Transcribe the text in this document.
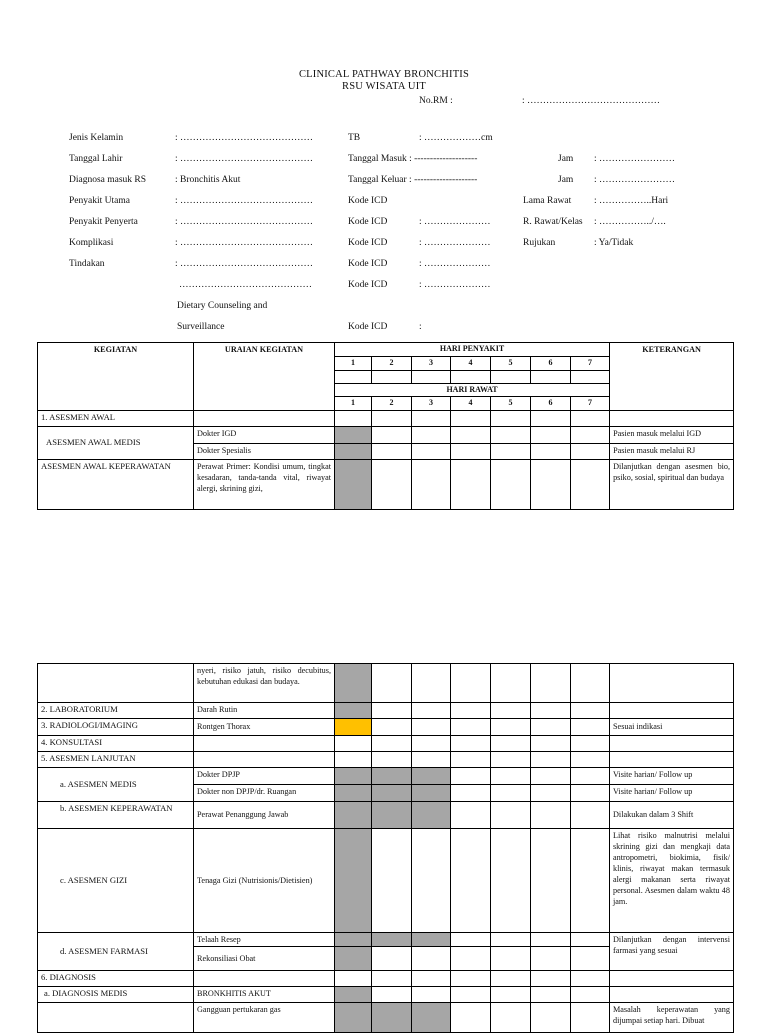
CLINICAL PATHWAY BRONCHITIS
RSU WISATA UIT
No.RM :	: ……………………………………
Jenis Kelamin	: ……………………………………
Tanggal Lahir	: ……………………………………
Diagnosa masuk RS	: Bronchitis Akut
Penyakit Utama	: ……………………………………
Penyakit Penyerta	: ……………………………………
Komplikasi	: ……………………………………
Tindakan	: ……………………………………
……………………………………
Dietary Counseling and
Surveillance
TB	: ………………cm
Tanggal Masuk : --------------------
Tanggal Keluar : --------------------
Kode ICD
Kode ICD	: …………………
Kode ICD	: …………………
Kode ICD	: …………………
Kode ICD	: …………………
Kode ICD	:
Jam : ……………………
Jam : ……………………
Lama Rawat : ……………..Hari
R. Rawat/Kelas : ……………../….
Rujukan	: Ya/Tidak
KEGIATAN	URAIAN KEGIATAN	HARI PENYAKIT							KETERANGAN
		1	2	3	4	5	6	7	

		HARI RAWAT							
		1	2	3	4	5	6	7	
1. ASESMEN AWAL									
ASESMEN AWAL MEDIS	Dokter IGD								Pasien masuk melalui IGD
	Dokter Spesialis								Pasien masuk melalui RJ
ASESMEN AWAL KEPERAWATAN	Perawat Primer: Kondisi umum, tingkat kesadaran, tanda-tanda vital, riwayat alergi, skrining gizi,								Dilanjutkan dengan asesmen bio, psiko, sosial, spiritual dan budaya
	nyeri, risiko jatuh, risiko decubitus, kebutuhan edukasi dan budaya.								
2. LABORATORIUM	Darah Rutin								
3. RADIOLOGI/IMAGING	Rontgen Thorax								Sesuai indikasi
4. KONSULTASI									
5. ASESMEN LANJUTAN									
a. ASESMEN MEDIS	Dokter DPJP								Visite harian/ Follow up
	Dokter non DPJP/dr. Ruangan								Visite harian/ Follow up
b. ASESMEN KEPERAWATAN	Perawat Penanggung Jawab								Dilakukan dalam 3 Shift
c. ASESMEN GIZI	Tenaga Gizi (Nutrisionis/Dietisien)								Lihat risiko malnutrisi melalui skrining gizi dan mengkaji data antropometri, biokimia, fisik/ klinis, riwayat makan termasuk alergi makanan serta riwayat personal. Asesmen dalam waktu 48 jam.
d. ASESMEN FARMASI	Telaah Resep								Dilanjutkan dengan intervensi farmasi yang sesuai
	Rekonsiliasi Obat								
6. DIAGNOSIS									
a. DIAGNOSIS MEDIS	BRONKHITIS AKUT								
	Gangguan pertukaran gas								Masalah keperawatan yang dijumpai setiap hari. Dibuat
